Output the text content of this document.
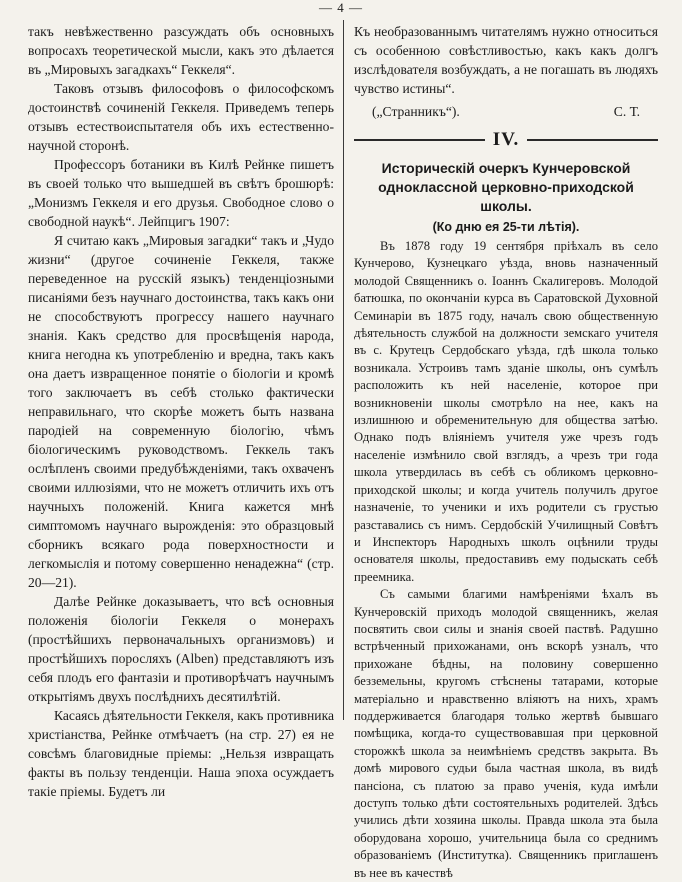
— 4 —

такъ невѣжественно разсуждать объ основныхъ вопросахъ теоретической мысли, какъ это дѣлается въ „Мировыхъ загадкахъ“ Геккеля“.

Таковъ отзывъ философовъ о философскомъ достоинствѣ сочиненій Геккеля. Приведемъ теперь отзывъ естествоиспытателя объ ихъ естественно-научной сторонѣ.

Профессоръ ботаники въ Килѣ Рейнке пишетъ въ своей только что вышедшей въ свѣтъ брошюрѣ: „Монизмъ Геккеля и его друзья. Свободное слово о свободной наукѣ“. Лейпцигъ 1907:

Я считаю какъ „Мировыя загадки“ такъ и „Чудо жизни“ (другое сочиненіе Геккеля, также переведенное на русскій языкъ) тенденціозными писаніями безъ научнаго достоинства, такъ какъ они не способствуютъ прогрессу нашего научнаго знанія. Какъ средство для просвѣщенія народа, книга негодна къ употребленію и вредна, такъ какъ она даетъ извращенное понятіе о біологіи и кромѣ того заключаетъ въ себѣ столько фактически неправильнаго, что скорѣе можетъ быть названа пародіей на современную біологію, чѣмъ біологическимъ руководствомъ. Геккель такъ ослѣпленъ своими предубѣжденіями, такъ охваченъ своими иллюзіями, что не можетъ отличить ихъ отъ научныхъ положеній. Книга кажется мнѣ симптомомъ научнаго вырожденія: это образцовый сборникъ всякаго рода поверхностности и легкомыслія и потому совершенно ненадежна“ (стр. 20—21).

Далѣе Рейнке доказываетъ, что всѣ основныя положенія біологіи Геккеля о монерахъ (простѣйшихъ первоначальныхъ организмовъ) и простѣйшихъ поросляхъ (Alben) представляютъ изъ себя плодъ его фантазіи и противорѣчатъ научнымъ открытіямъ двухъ послѣднихъ десятилѣтій.

Касаясь дѣятельности Геккеля, какъ противника христіанства, Рейнке отмѣчаетъ (на стр. 27) ея не совсѣмъ благовидные пріемы: „Нельзя извращать факты въ пользу тенденціи. Наша эпоха осуждаетъ такіе пріемы. Будетъ ли

Къ необразованнымъ читателямъ нужно относиться съ особенною совѣстливостью, какъ какъ долгъ изслѣдователя возбуждать, а не погашать въ людяхъ чувство истины“.

(„Странникъ“).	С. Т.
IV.
Историческій очеркъ Кунчеровской одноклассной церковно-приходской школы.
(Ко дню ея 25-ти лѣтія).

Въ 1878 году 19 сентября пріѣхалъ въ село Кунчерово, Кузнецкаго уѣзда, вновь назначенный молодой Священникъ о. Іоаннъ Скалигеровъ. Молодой батюшка, по окончаніи курса въ Саратовской Духовной Семинаріи въ 1875 году, началъ свою общественную дѣятельность службой на должности земскаго учителя въ с. Крутецъ Сердобскаго уѣзда, гдѣ школа только возникала. Устроивъ тамъ зданіе школы, онъ сумѣлъ расположить къ ней населеніе, которое при возникновеніи школы смотрѣло на нее, какъ на излишнюю и обременительную для общества затѣю. Однако подъ вліяніемъ учителя уже чрезъ годъ населеніе измѣнило свой взглядъ, а чрезъ три года школа утвердилась въ себѣ съ обликомъ церковно-приходской школы; и когда учитель получилъ другое назначеніе, то ученики и ихъ родители съ грустью разставались съ нимъ. Сердобскій Училищный Совѣтъ и Инспекторъ Народныхъ школъ оцѣнили труды основателя школы, предоставивъ ему подыскать себѣ преемника.

Съ самыми благими намѣреніями ѣхалъ въ Кунчеровскій приходъ молодой священникъ, желая посвятить свои силы и знанія своей паствѣ. Радушно встрѣченный прихожанами, онъ вскорѣ узналъ, что прихожане бѣдны, на половину совершенно безземельны, кругомъ стѣснены татарами, которые матеріально и нравственно вліяютъ на нихъ, храмъ поддерживается благодаря только жертвѣ бывшаго помѣщика, когда-то существовавшая при церковной сторожкѣ школа за неимѣніемъ средствъ закрыта. Въ домѣ мирового судьи была частная школа, въ видѣ пансіона, съ платою за право ученія, куда имѣли доступъ только дѣти состоятельныхъ родителей. Здѣсь учились дѣти хозяина школы. Правда школа эта была оборудована хорошо, учительница была со среднимъ образованіемъ (Институтка). Священникъ приглашенъ въ нее въ качествѣ
